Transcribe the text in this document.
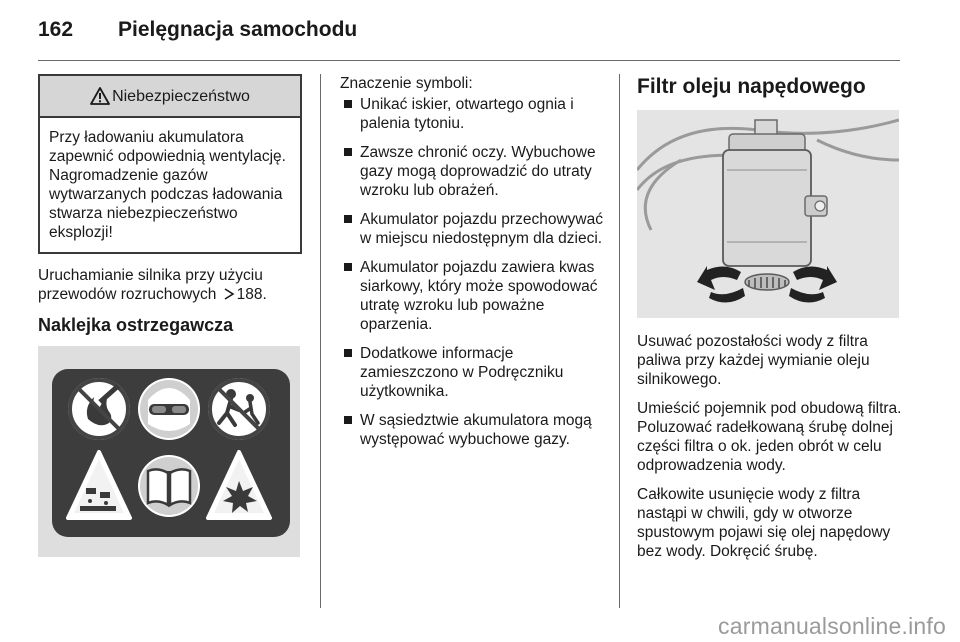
162 Pielęgnacja samochodu
Niebezpieczeństwo
Przy ładowaniu akumulatora zapewnić odpowiednią wentylację. Nagromadzenie gazów wytwarzanych podczas ładowania stwarza niebezpieczeństwo eksplozji!

Uruchamianie silnika przy użyciu przewodów rozruchowych 188.

Naklejka ostrzegawcza

Znaczenie symboli:

Unikać iskier, otwartego ognia i palenia tytoniu.
Zawsze chronić oczy. Wybuchowe gazy mogą doprowadzić do utraty wzroku lub obrażeń.
Akumulator pojazdu przechowywać w miejscu niedostępnym dla dzieci.
Akumulator pojazdu zawiera kwas siarkowy, który może spowodować utratę wzroku lub poważne oparzenia.
Dodatkowe informacje zamieszczono w Podręczniku użytkownika.
W sąsiedztwie akumulatora mogą występować wybuchowe gazy.
Filtr oleju napędowego

Usuwać pozostałości wody z filtra paliwa przy każdej wymianie oleju silnikowego.

Umieścić pojemnik pod obudową filtra. Poluzować radełkowaną śrubę dolnej części filtra o ok. jeden obrót w celu odprowadzenia wody.

Całkowite usunięcie wody z filtra nastąpi w chwili, gdy w otworze spustowym pojawi się olej napędowy bez wody. Dokręcić śrubę.

carmanualsonline.info
